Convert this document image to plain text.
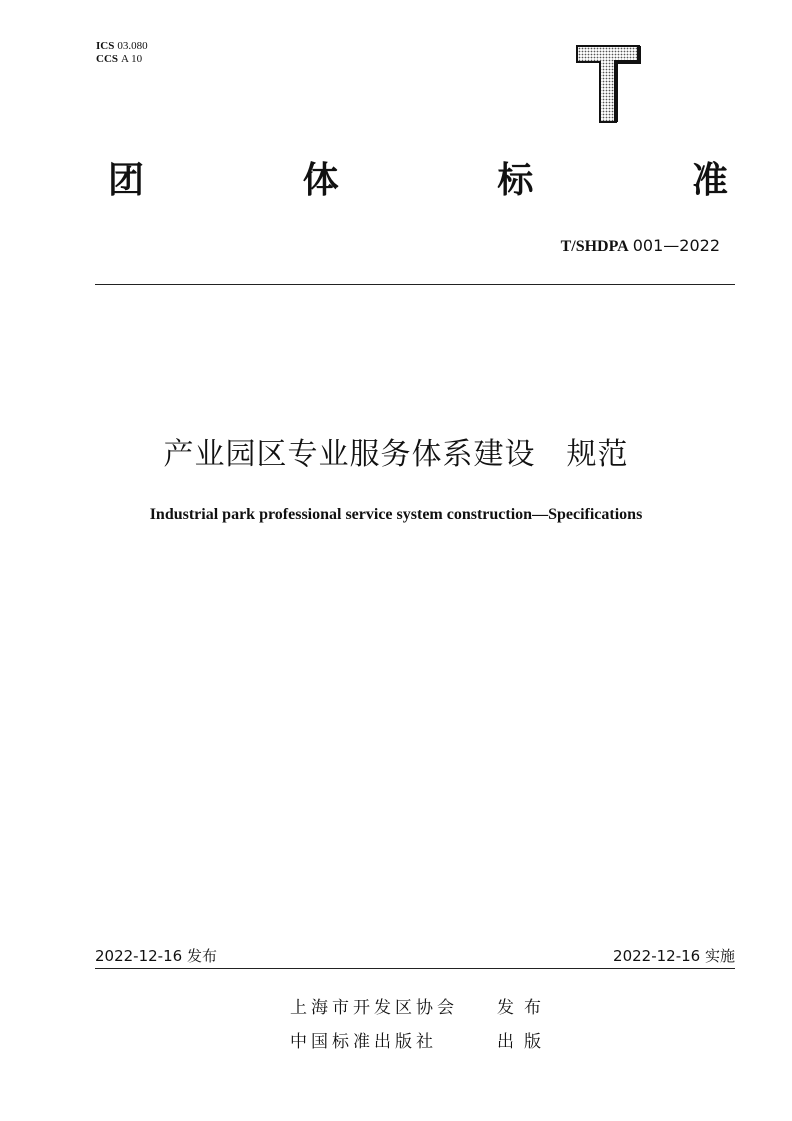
ICS 03.080
CCS A 10
团	体	标	准
T/SHDPA 001—2022
产业园区专业服务体系建设　规范
Industrial park professional service system construction—Specifications
2022-12-16 发布	2022-12-16 实施
上海市开发区协会 发布
中国标准出版社	出版
